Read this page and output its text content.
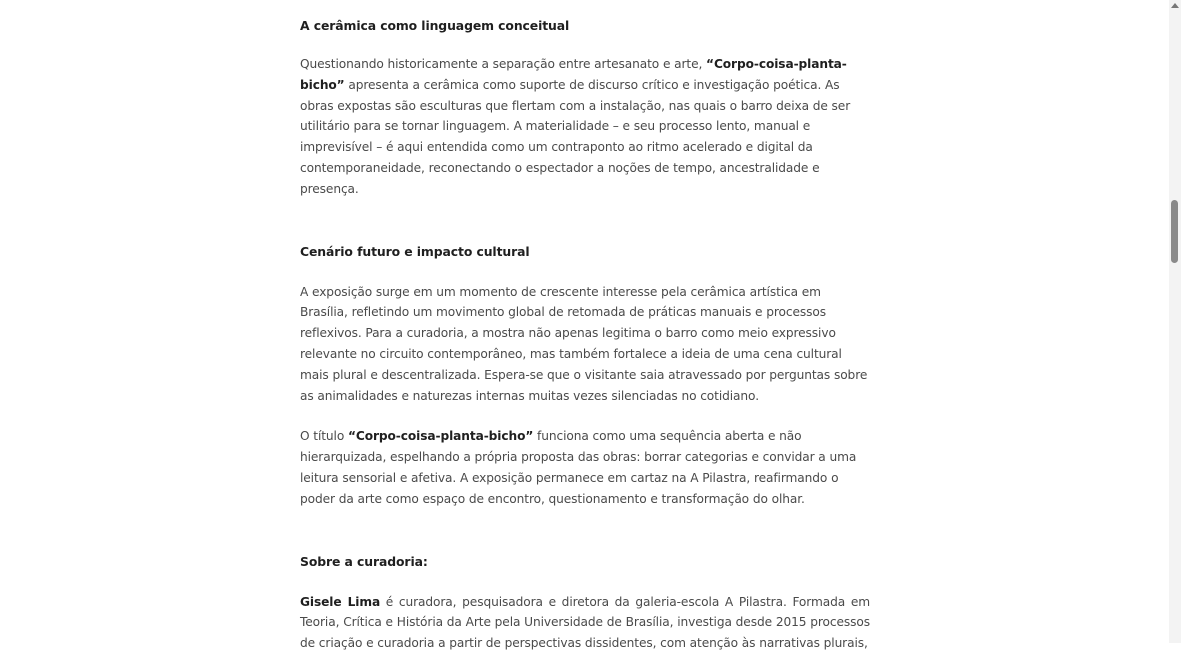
A cerâmica como linguagem conceitual

Questionando historicamente a separação entre artesanato e arte, “Corpo-coisa-planta-bicho” apresenta a cerâmica como suporte de discurso crítico e investigação poética. As obras expostas são esculturas que flertam com a instalação, nas quais o barro deixa de ser utilitário para se tornar linguagem. A materialidade – e seu processo lento, manual e imprevisível – é aqui entendida como um contraponto ao ritmo acelerado e digital da contemporaneidade, reconectando o espectador a noções de tempo, ancestralidade e presença.

Cenário futuro e impacto cultural

A exposição surge em um momento de crescente interesse pela cerâmica artística em Brasília, refletindo um movimento global de retomada de práticas manuais e processos reflexivos. Para a curadoria, a mostra não apenas legitima o barro como meio expressivo relevante no circuito contemporâneo, mas também fortalece a ideia de uma cena cultural mais plural e descentralizada. Espera-se que o visitante saia atravessado por perguntas sobre as animalidades e naturezas internas muitas vezes silenciadas no cotidiano.

O título “Corpo-coisa-planta-bicho” funciona como uma sequência aberta e não hierarquizada, espelhando a própria proposta das obras: borrar categorias e convidar a uma leitura sensorial e afetiva. A exposição permanece em cartaz na A Pilastra, reafirmando o poder da arte como espaço de encontro, questionamento e transformação do olhar.

Sobre a curadoria:

Gisele Lima é curadora, pesquisadora e diretora da galeria-escola A Pilastra. Formada em Teoria, Crítica e História da Arte pela Universidade de Brasília, investiga desde 2015 processos de criação e curadoria a partir de perspectivas dissidentes, com atenção às narrativas plurais,
